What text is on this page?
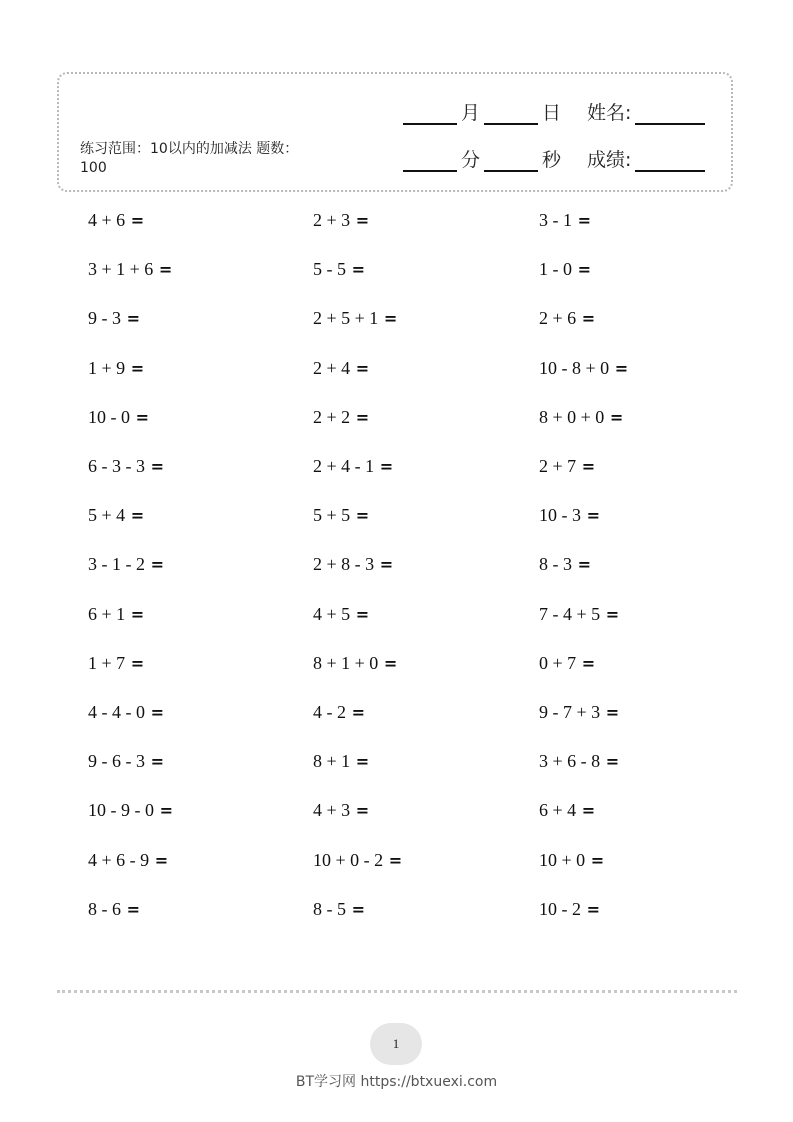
练习范围：10以内的加减法 题数：100
月	日 姓名:
分	秒 成绩:
4 + 6 =
3 + 1 + 6 =
9 - 3 =
1 + 9 =
10 - 0 =
6 - 3 - 3 =
5 + 4 =
3 - 1 - 2 =
6 + 1 =
1 + 7 =
4 - 4 - 0 =
9 - 6 - 3 =
10 - 9 - 0 =
4 + 6 - 9 =
8 - 6 =
2 + 3 =
5 - 5 =
2 + 5 + 1 =
2 + 4 =
2 + 2 =
2 + 4 - 1 =
5 + 5 =
2 + 8 - 3 =
4 + 5 =
8 + 1 + 0 =
4 - 2 =
8 + 1 =
4 + 3 =
10 + 0 - 2 =
8 - 5 =
3 - 1 =
1 - 0 =
2 + 6 =
10 - 8 + 0 =
8 + 0 + 0 =
2 + 7 =
10 - 3 =
8 - 3 =
7 - 4 + 5 =
0 + 7 =
9 - 7 + 3 =
3 + 6 - 8 =
6 + 4 =
10 + 0 =
10 - 2 =
1
BT学习网 https://btxuexi.com
